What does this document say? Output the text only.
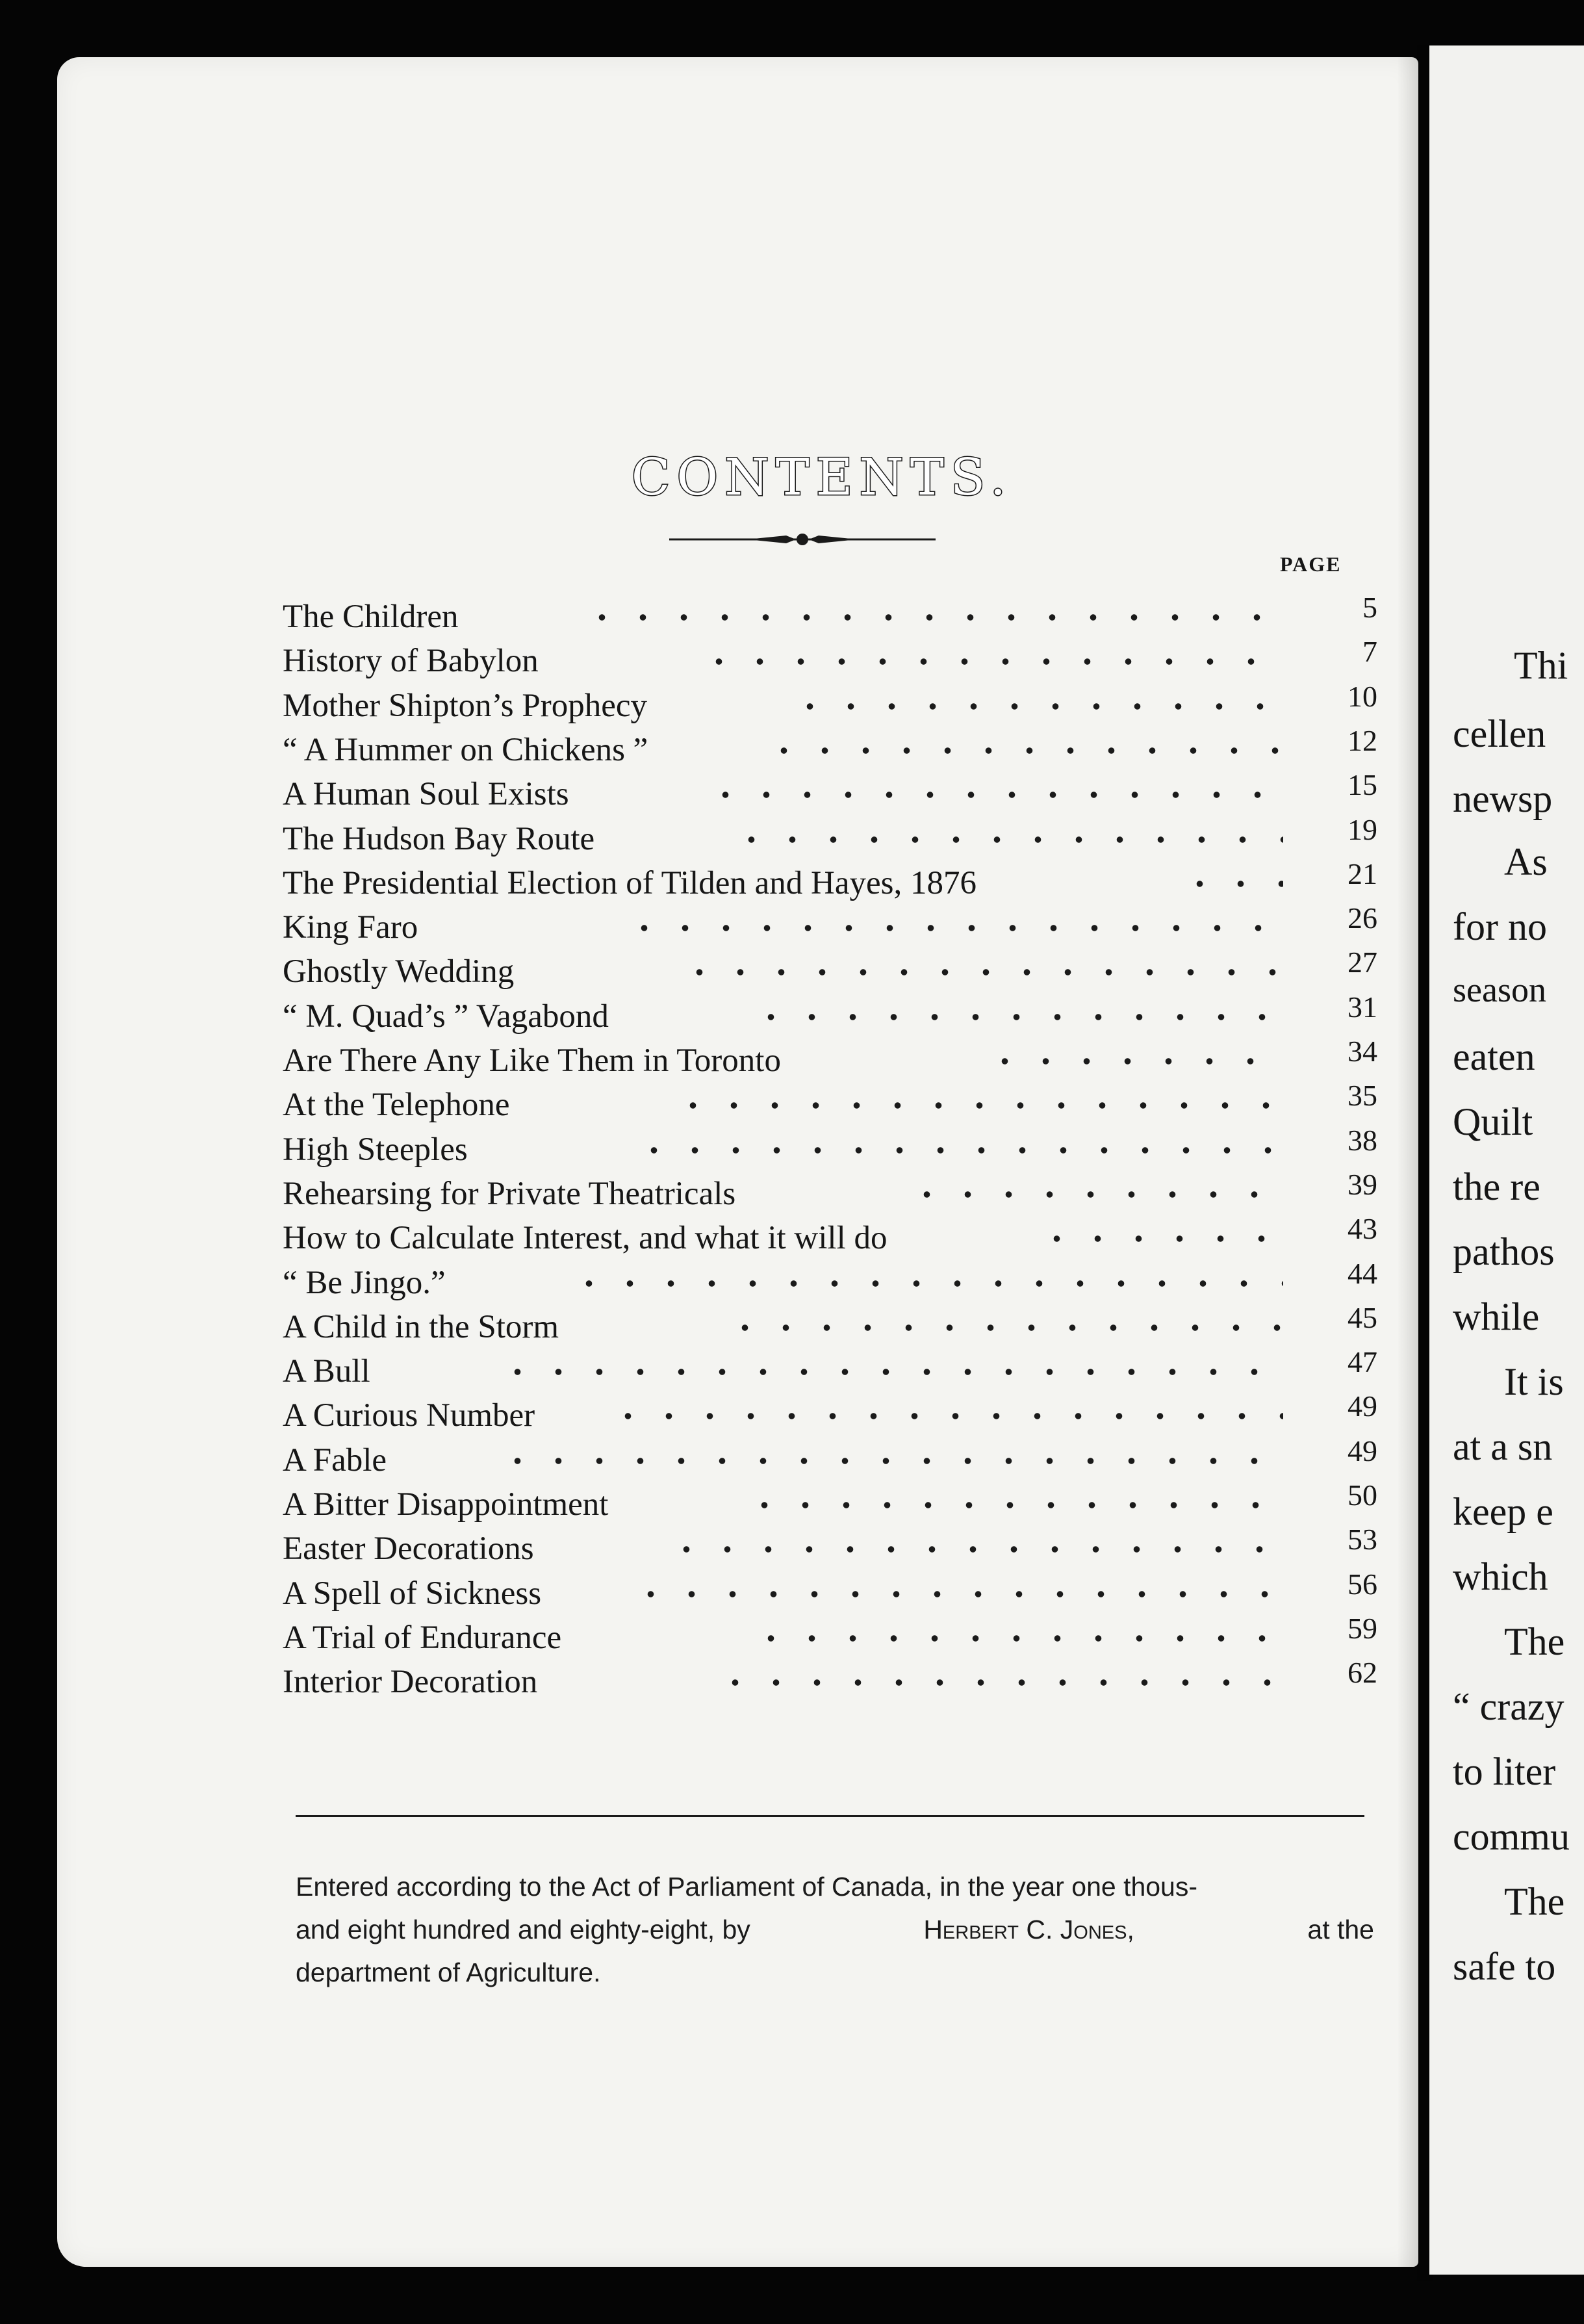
Thi
cellen
newsp
As
for no
season
eaten
Quilt
the re
pathos
while
It is
at a sn
keep e
which
The
“ crazy
to liter
commu
The
safe to
CONTENTS.
PAGE
The Children	5
History of Babylon	7
Mother Shipton’s Prophecy	10
“ A Hummer on Chickens ”	12
A Human Soul Exists	15
The Hudson Bay Route	19
The Presidential Election of Tilden and Hayes, 1876	21
King Faro	26
Ghostly Wedding	27
“ M. Quad’s ” Vagabond	31
Are There Any Like Them in Toronto	34
At the Telephone	35
High Steeples	38
Rehearsing for Private Theatricals	39
How to Calculate Interest, and what it will do	43
“ Be Jingo.”	44
A Child in the Storm	45
A Bull	47
A Curious Number	49
A Fable	49
A Bitter Disappointment	50
Easter Decorations	53
A Spell of Sickness	56
A Trial of Endurance	59
Interior Decoration	62
Entered according to the Act of Parliament of Canada, in the year one thous-
and eight hundred and eighty-eight, by	Herbert C. Jones,	at the
department of Agriculture.
